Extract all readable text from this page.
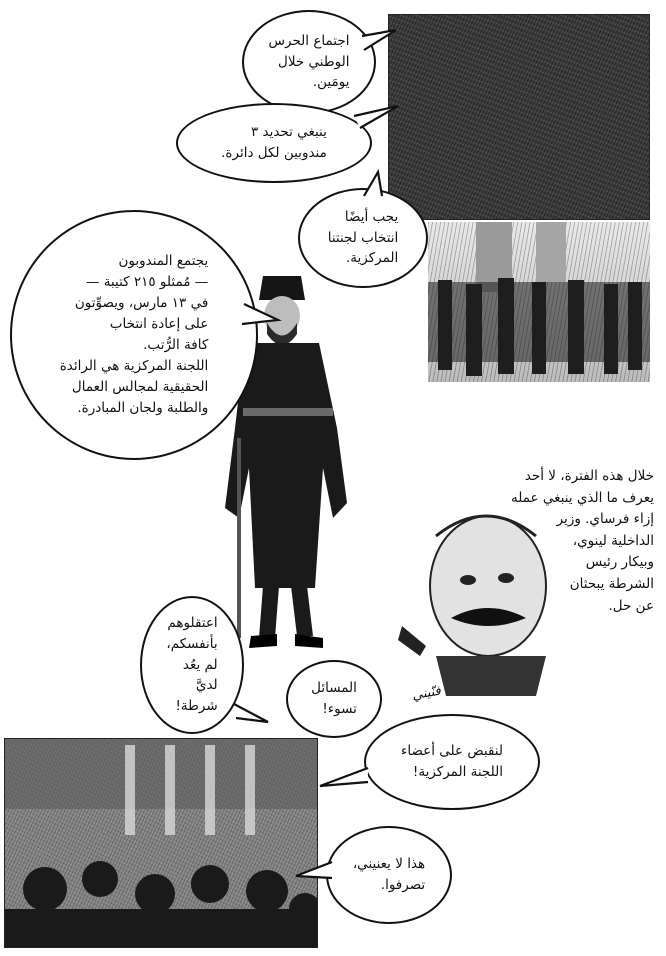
فنّيني
اجتماع الحرس
الوطني خلال
يومَين.
ينبغي تحديد ٣
مندوبين لكل دائرة.
يجب أيضًا
انتخاب لجنتنا
المركزية.
يجتمع المندوبون
— مُمثلو ٢١٥ كتيبة —
في ١٣ مارس، ويصوِّتون
على إعادة انتخاب
كافة الرُّتب.
اللجنة المركزية هي الرائدة
الحقيقية لمجالس العمال
والطلبة ولجان المبادرة.
اعتقلوهم
بأنفسكم،
لم يعُد
لديَّ
شرطة!
المسائل
تسوء!
لنقبض على أعضاء
اللجنة المركزية!
هذا لا يعنيني،
تصرفوا.
خلال هذه الفترة، لا أحد
يعرف ما الذي ينبغي عمله
إزاء فرساي. وزير
الداخلية لينوي،
وبيكار رئيس
الشرطة يبحثان
عن حل.
